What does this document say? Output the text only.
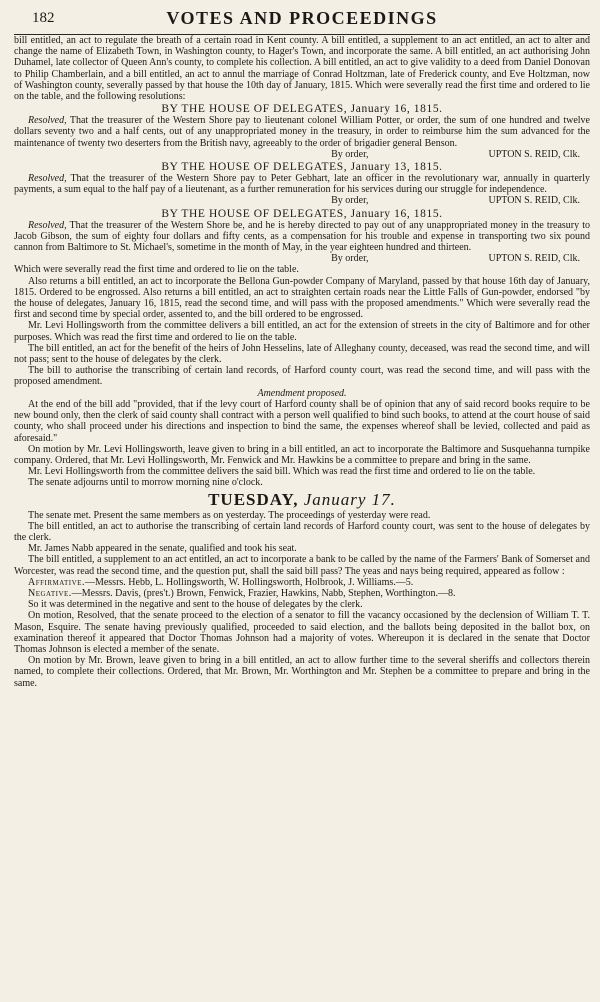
182	VOTES AND PROCEEDINGS

bill entitled, an act to regulate the breath of a certain road in Kent county. A bill entitled, a supplement to an act entitled, an act to alter and change the name of Elizabeth Town, in Washington county, to Hager's Town, and incorporate the same. A bill entitled, an act authorising John Duhamel, late collector of Queen Ann's county, to complete his collection. A bill entitled, an act to give validity to a deed from Daniel Donovan to Philip Chamberlain, and a bill entitled, an act to annul the marriage of Conrad Holtzman, late of Frederick county, and Eve Holtzman, now of Washington county, severally passed by that house the 10th day of January, 1815. Which were severally read the first time and ordered to lie on the table, and the following resolutions:

BY THE HOUSE OF DELEGATES, January 16, 1815.

Resolved, That the treasurer of the Western Shore pay to lieutenant colonel William Potter, or order, the sum of one hundred and twelve dollars seventy two and a half cents, out of any unappropriated money in the treasury, in order to reimburse him the sum advanced for the maintenance of twenty two deserters from the British navy, agreeably to the order of brigadier general Benson.

By order,	UPTON S. REID, Clk.
BY THE HOUSE OF DELEGATES, January 13, 1815.

Resolved, That the treasurer of the Western Shore pay to Peter Gebhart, late an officer in the revolutionary war, annually in quarterly payments, a sum equal to the half pay of a lieutenant, as a further remuneration for his services during our struggle for independence.

By order,	UPTON S. REID, Clk.
BY THE HOUSE OF DELEGATES, January 16, 1815.

Resolved, That the treasurer of the Western Shore be, and he is hereby directed to pay out of any unappropriated money in the treasury to Jacob Gibson, the sum of eighty four dollars and fifty cents, as a compensation for his trouble and expense in transporting two six pound cannon from Baltimore to St. Michael's, sometime in the month of May, in the year eighteen hundred and thirteen.

By order,	UPTON S. REID, Clk.

Which were severally read the first time and ordered to lie on the table.

Also returns a bill entitled, an act to incorporate the Bellona Gun-powder Company of Maryland, passed by that house 16th day of January, 1815. Ordered to be engrossed. Also returns a bill entitled, an act to straighten certain roads near the Little Falls of Gun-powder, endorsed "by the house of delegates, January 16, 1815, read the second time, and will pass with the proposed amendments." Which were severally read the first and second time by special order, assented to, and the bill ordered to be engrossed.

Mr. Levi Hollingsworth from the committee delivers a bill entitled, an act for the extension of streets in the city of Baltimore and for other purposes. Which was read the first time and ordered to lie on the table.

The bill entitled, an act for the benefit of the heirs of John Hesselins, late of Alleghany county, deceased, was read the second time, and will not pass; sent to the house of delegates by the clerk.

The bill to authorise the transcribing of certain land records, of Harford county court, was read the second time, and will pass with the proposed amendment.

Amendment proposed.

At the end of the bill add "provided, that if the levy court of Harford county shall be of opinion that any of said record books require to be new bound only, then the clerk of said county shall contract with a person well qualified to bind such books, to attend at the court house of said county, who shall proceed under his directions and inspection to bind the same, the expenses whereof shall be levied, collected and paid as aforesaid."

On motion by Mr. Levi Hollingsworth, leave given to bring in a bill entitled, an act to incorporate the Baltimore and Susquehanna turnpike company. Ordered, that Mr. Levi Hollingsworth, Mr. Fenwick and Mr. Hawkins be a committee to prepare and bring in the same.

Mr. Levi Hollingsworth from the committee delivers the said bill. Which was read the first time and ordered to lie on the table.

The senate adjourns until to morrow morning nine o'clock.

TUESDAY, January 17.

The senate met. Present the same members as on yesterday. The proceedings of yesterday were read.

The bill entitled, an act to authorise the transcribing of certain land records of Harford county court, was sent to the house of delegates by the clerk.

Mr. James Nabb appeared in the senate, qualified and took his seat.

The bill entitled, a supplement to an act entitled, an act to incorporate a bank to be called by the name of the Farmers' Bank of Somerset and Worcester, was read the second time, and the question put, shall the said bill pass? The yeas and nays being required, appeared as follow :

Affirmative.—Messrs. Hebb, L. Hollingsworth, W. Hollingsworth, Holbrook, J. Williams.—5.

Negative.—Messrs. Davis, (pres't.) Brown, Fenwick, Frazier, Hawkins, Nabb, Stephen, Worthington.—8.

So it was determined in the negative and sent to the house of delegates by the clerk.

On motion, Resolved, that the senate proceed to the election of a senator to fill the vacancy occasioned by the declension of William T. T. Mason, Esquire. The senate having previously qualified, proceeded to said election, and the ballots being deposited in the ballot box, on examination thereof it appeared that Doctor Thomas Johnson had a majority of votes. Whereupon it is declared in the senate that Doctor Thomas Johnson is elected a member of the senate.

On motion by Mr. Brown, leave given to bring in a bill entitled, an act to allow further time to the several sheriffs and collectors therein named, to complete their collections. Ordered, that Mr. Brown, Mr. Worthington and Mr. Stephen be a committee to prepare and bring in the same.
